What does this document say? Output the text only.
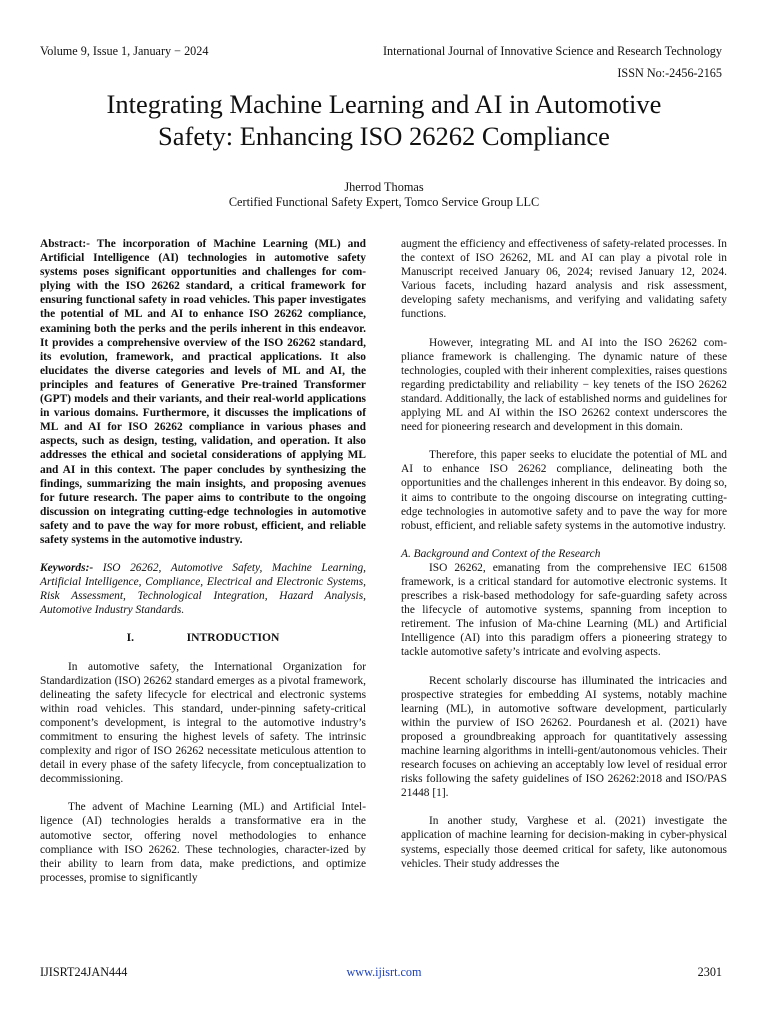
Volume 9, Issue 1, January − 2024	International Journal of Innovative Science and Research Technology
ISSN No:-2456-2165
Integrating Machine Learning and AI in Automotive
Safety: Enhancing ISO 26262 Compliance
Jherrod Thomas
Certified Functional Safety Expert, Tomco Service Group LLC

Abstract:- The incorporation of Machine Learning (ML) and Artificial Intelligence (AI) technologies in automotive safety systems poses significant opportunities and challenges for com-plying with the ISO 26262 standard, a critical framework for ensuring functional safety in road vehicles. This paper investigates the potential of ML and AI to enhance ISO 26262 compliance, examining both the perks and the perils inherent in this endeavor. It provides a comprehensive overview of the ISO 26262 standard, its evolution, framework, and practical applications. It also elucidates the diverse categories and levels of ML and AI, the principles and features of Generative Pre-trained Transformer (GPT) models and their variants, and their real-world applications in various domains. Furthermore, it discusses the implications of ML and AI for ISO 26262 compliance in various phases and aspects, such as design, testing, validation, and operation. It also addresses the ethical and societal considerations of applying ML and AI in this context. The paper concludes by synthesizing the findings, summarizing the main insights, and proposing avenues for future research. The paper aims to contribute to the ongoing discussion on integrating cutting-edge technologies in automotive safety and to pave the way for more robust, efficient, and reliable safety systems in the automotive industry.

Keywords:- ISO 26262, Automotive Safety, Machine Learning, Artificial Intelligence, Compliance, Electrical and Electronic Systems, Risk Assessment, Technological Integration, Hazard Analysis, Automotive Industry Standards.

I.	INTRODUCTION

In automotive safety, the International Organization for Standardization (ISO) 26262 standard emerges as a pivotal framework, delineating the safety lifecycle for electrical and electronic systems within road vehicles. This standard, under-pinning safety-critical component’s development, is integral to the automotive industry’s commitment to ensuring the highest levels of safety. The intrinsic complexity and rigor of ISO 26262 necessitate meticulous attention to detail in every phase of the safety lifecycle, from conceptualization to decommissioning.

The advent of Machine Learning (ML) and Artificial Intel-ligence (AI) technologies heralds a transformative era in the automotive sector, offering novel methodologies to enhance compliance with ISO 26262. These technologies, character-ized by their ability to learn from data, make predictions, and optimize processes, promise to significantly

augment the efficiency and effectiveness of safety-related processes. In the context of ISO 26262, ML and AI can play a pivotal role in Manuscript received January 06, 2024; revised January 12, 2024. Various facets, including hazard analysis and risk assessment, developing safety mechanisms, and verifying and validating safety functions.

However, integrating ML and AI into the ISO 26262 com-pliance framework is challenging. The dynamic nature of these technologies, coupled with their inherent complexities, raises questions regarding predictability and reliability − key tenets of the ISO 26262 standard. Additionally, the lack of established norms and guidelines for applying ML and AI within the ISO 26262 context underscores the need for pioneering research and development in this domain.

Therefore, this paper seeks to elucidate the potential of ML and AI to enhance ISO 26262 compliance, delineating both the opportunities and the challenges inherent in this endeavor. By doing so, it aims to contribute to the ongoing discourse on integrating cutting-edge technologies in automotive safety and to pave the way for more robust, efficient, and reliable safety systems in the automotive industry.

A. Background and Context of the Research

ISO 26262, emanating from the comprehensive IEC 61508 framework, is a critical standard for automotive electronic systems. It prescribes a risk-based methodology for safe-guarding safety across the lifecycle of automotive systems, spanning from inception to retirement. The infusion of Ma-chine Learning (ML) and Artificial Intelligence (AI) into this paradigm offers a pioneering strategy to tackle automotive safety’s intricate and evolving aspects.

Recent scholarly discourse has illuminated the intricacies and prospective strategies for embedding AI systems, notably machine learning (ML), in automotive software development, particularly within the purview of ISO 26262. Pourdanesh et al. (2021) have proposed a groundbreaking approach for quantitatively assessing machine learning algorithms in intelli-gent/autonomous vehicles. Their research focuses on achieving an acceptably low level of residual error risks following the safety guidelines of ISO 26262:2018 and ISO/PAS 21448 [1].

In another study, Varghese et al. (2021) investigate the application of machine learning for decision-making in cyber-physical systems, especially those deemed critical for safety, like autonomous vehicles. Their study addresses the

IJISRT24JAN444	www.ijisrt.com	2301
